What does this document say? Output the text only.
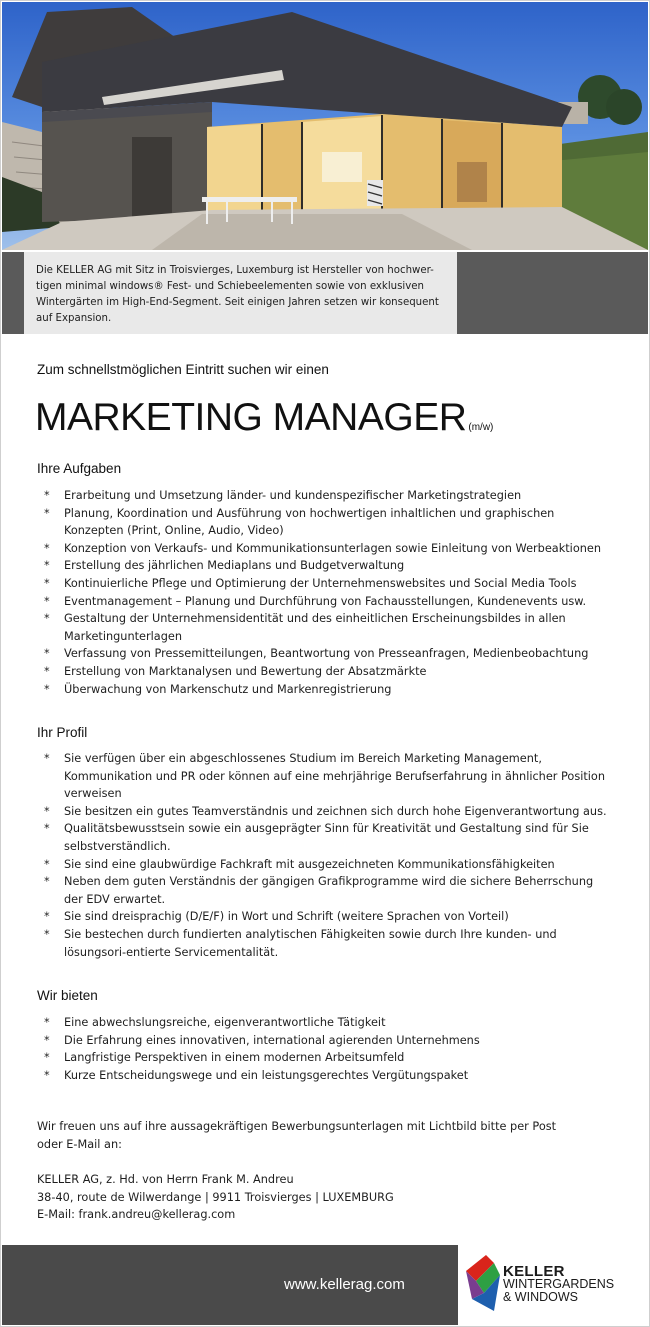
Die KELLER AG mit Sitz in Troisvierges, Luxemburg ist Hersteller von hochwer-tigen minimal windows® Fest- und Schiebeelementen sowie von exklusiven Wintergärten im High-End-Segment. Seit einigen Jahren setzen wir konsequent auf Expansion.
Zum schnellstmöglichen Eintritt suchen wir einen
MARKETING MANAGER (m/w)
Ihre Aufgaben
* Erarbeitung und Umsetzung länder- und kundenspezifischer Marketingstrategien
* Planung, Koordination und Ausführung von hochwertigen inhaltlichen und graphischen Konzepten (Print, Online, Audio, Video)
* Konzeption von Verkaufs- und Kommunikationsunterlagen sowie Einleitung von Werbeaktionen
* Erstellung des jährlichen Mediaplans und Budgetverwaltung
* Kontinuierliche Pflege und Optimierung der Unternehmenswebsites und Social Media Tools
* Eventmanagement – Planung und Durchführung von Fachausstellungen, Kundenevents usw.
* Gestaltung der Unternehmensidentität und des einheitlichen Erscheinungsbildes in allen Marketingunterlagen
* Verfassung von Pressemitteilungen, Beantwortung von Presseanfragen, Medienbeobachtung
* Erstellung von Marktanalysen und Bewertung der Absatzmärkte
* Überwachung von Markenschutz und Markenregistrierung
Ihr Profil
* Sie verfügen über ein abgeschlossenes Studium im Bereich Marketing Management, Kommunikation und PR oder können auf eine mehrjährige Berufserfahrung in ähnlicher Position verweisen
* Sie besitzen ein gutes Teamverständnis und zeichnen sich durch hohe Eigenverantwortung aus.
* Qualitätsbewusstsein sowie ein ausgeprägter Sinn für Kreativität und Gestaltung sind für Sie selbstverständlich.
* Sie sind eine glaubwürdige Fachkraft mit ausgezeichneten Kommunikationsfähigkeiten
* Neben dem guten Verständnis der gängigen Grafikprogramme wird die sichere Beherrschung der EDV erwartet.
* Sie sind dreisprachig (D/E/F) in Wort und Schrift (weitere Sprachen von Vorteil)
* Sie bestechen durch fundierten analytischen Fähigkeiten sowie durch Ihre kunden- und lösungsori-entierte Servicementalität.
Wir bieten
* Eine abwechslungsreiche, eigenverantwortliche Tätigkeit
* Die Erfahrung eines innovativen, international agierenden Unternehmens
* Langfristige Perspektiven in einem modernen Arbeitsumfeld
* Kurze Entscheidungswege und ein leistungsgerechtes Vergütungspaket
Wir freuen uns auf ihre aussagekräftigen Bewerbungsunterlagen mit Lichtbild bitte per Post
oder E-Mail an:
KELLER AG, z. Hd. von Herrn Frank M. Andreu
38-40, route de Wilwerdange | 9911 Troisvierges | LUXEMBURG
E-Mail: frank.andreu@kellerag.com
www.kellerag.com
KELLER
WINTERGARDENS
& WINDOWS
